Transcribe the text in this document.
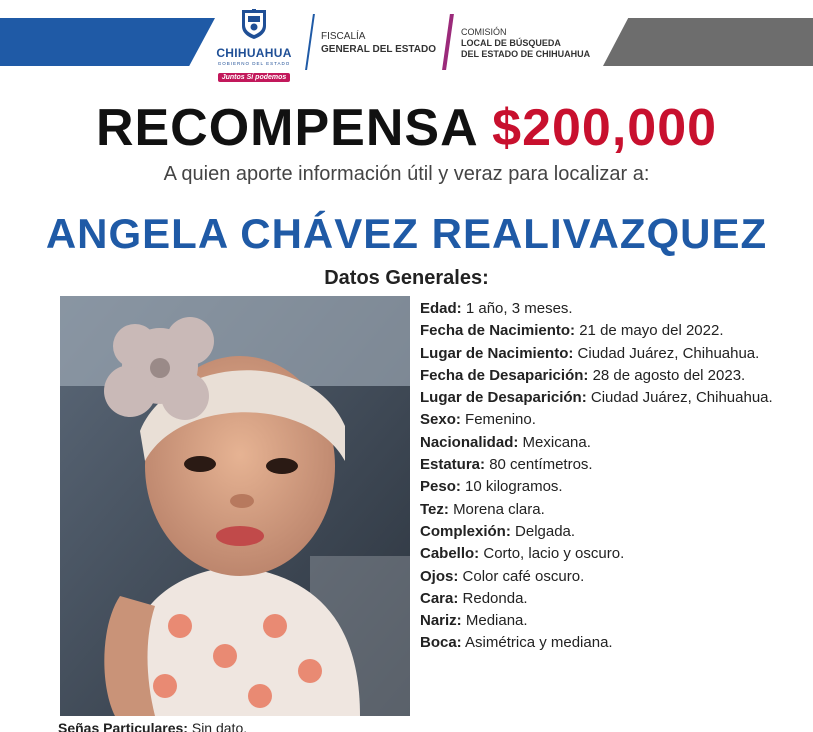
CHIHUAHUA
GOBIERNO DEL ESTADO
Juntos Sí podemos
FISCALÍA
GENERAL DEL ESTADO
COMISIÓN
LOCAL DE BÚSQUEDA
DEL ESTADO DE CHIHUAHUA
RECOMPENSA $200,000
A quien aporte información útil y veraz para localizar a:
ANGELA CHÁVEZ REALIVAZQUEZ
Datos Generales:
Edad: 1 año, 3 meses.
Fecha de Nacimiento: 21 de mayo del 2022.
Lugar de Nacimiento: Ciudad Juárez, Chihuahua.
Fecha de Desaparición: 28 de agosto del 2023.
Lugar de Desaparición: Ciudad Juárez, Chihuahua.
Sexo: Femenino.
Nacionalidad: Mexicana.
Estatura: 80 centímetros.
Peso: 10 kilogramos.
Tez: Morena clara.
Complexión: Delgada.
Cabello: Corto, lacio y oscuro.
Ojos: Color café oscuro.
Cara: Redonda.
Nariz: Mediana.
Boca: Asimétrica y mediana.
Señas Particulares: Sin dato.
